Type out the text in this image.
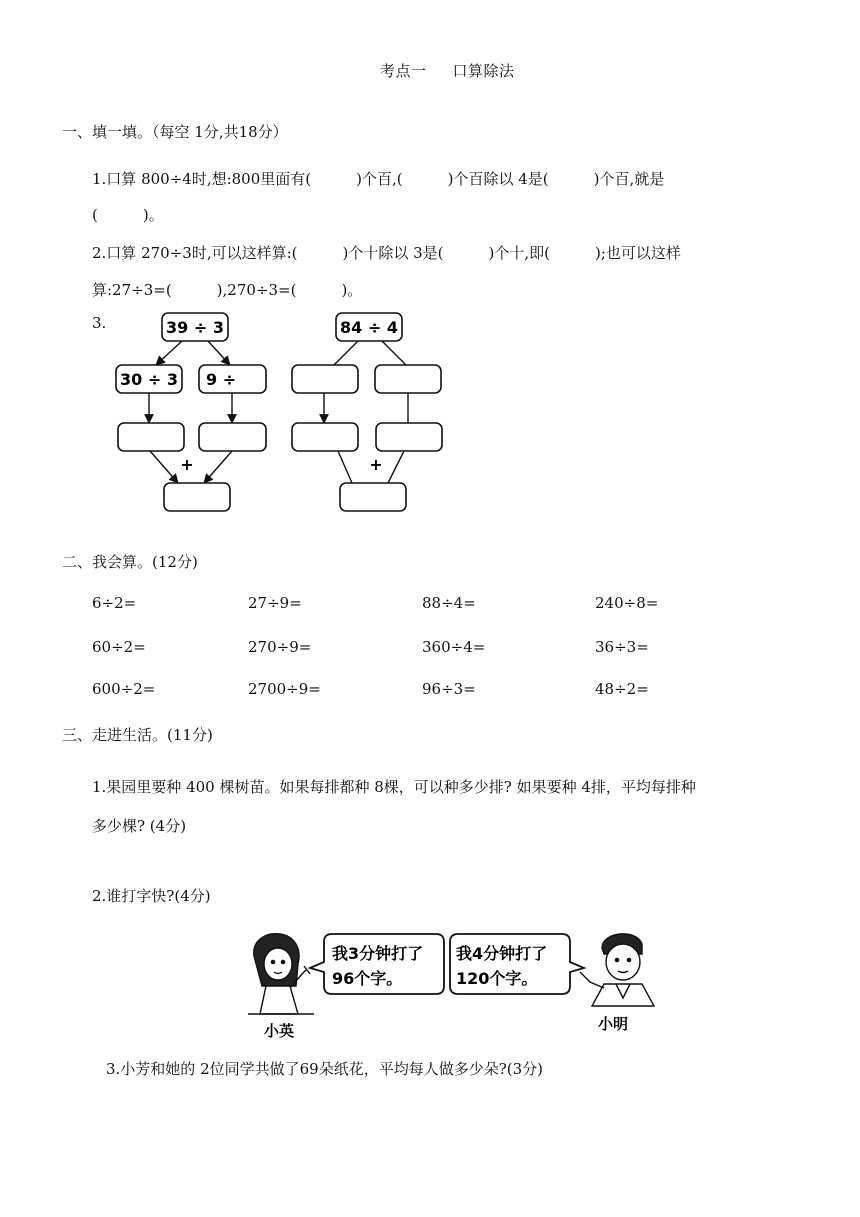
考点一 口算除法
一、填一填。（每空 1分,共18分）
1.口算 800÷4时,想:800里面有(　　　)个百,(　　　)个百除以 4是(　　　)个百,就是
(　　　)。
2.口算 270÷3时,可以这样算:(　　　)个十除以 3是(　　　)个十,即(　　　);也可以这样
算:27÷3=(　　　),270÷3=(　　　)。
3.	39 ÷ 3
30 ÷ 3 9 ÷
+
84 ÷ 4
+
二、我会算。(12分)
6÷2=	27÷9=	88÷4=	240÷8=
60÷2=	270÷9=	360÷4=	36÷3=
600÷2=	2700÷9=	96÷3=	48÷2=
三、走进生活。(11分)
1.果园里要种 400 棵树苗。如果每排都种 8棵，可以种多少排? 如果要种 4排，平均每排种
多少棵? (4分)
2.谁打字快?(4分)
我3分钟打了
96个字。
我4分钟打了
120个字。
小英	小明
3.小芳和她的 2位同学共做了69朵纸花，平均每人做多少朵?(3分)
